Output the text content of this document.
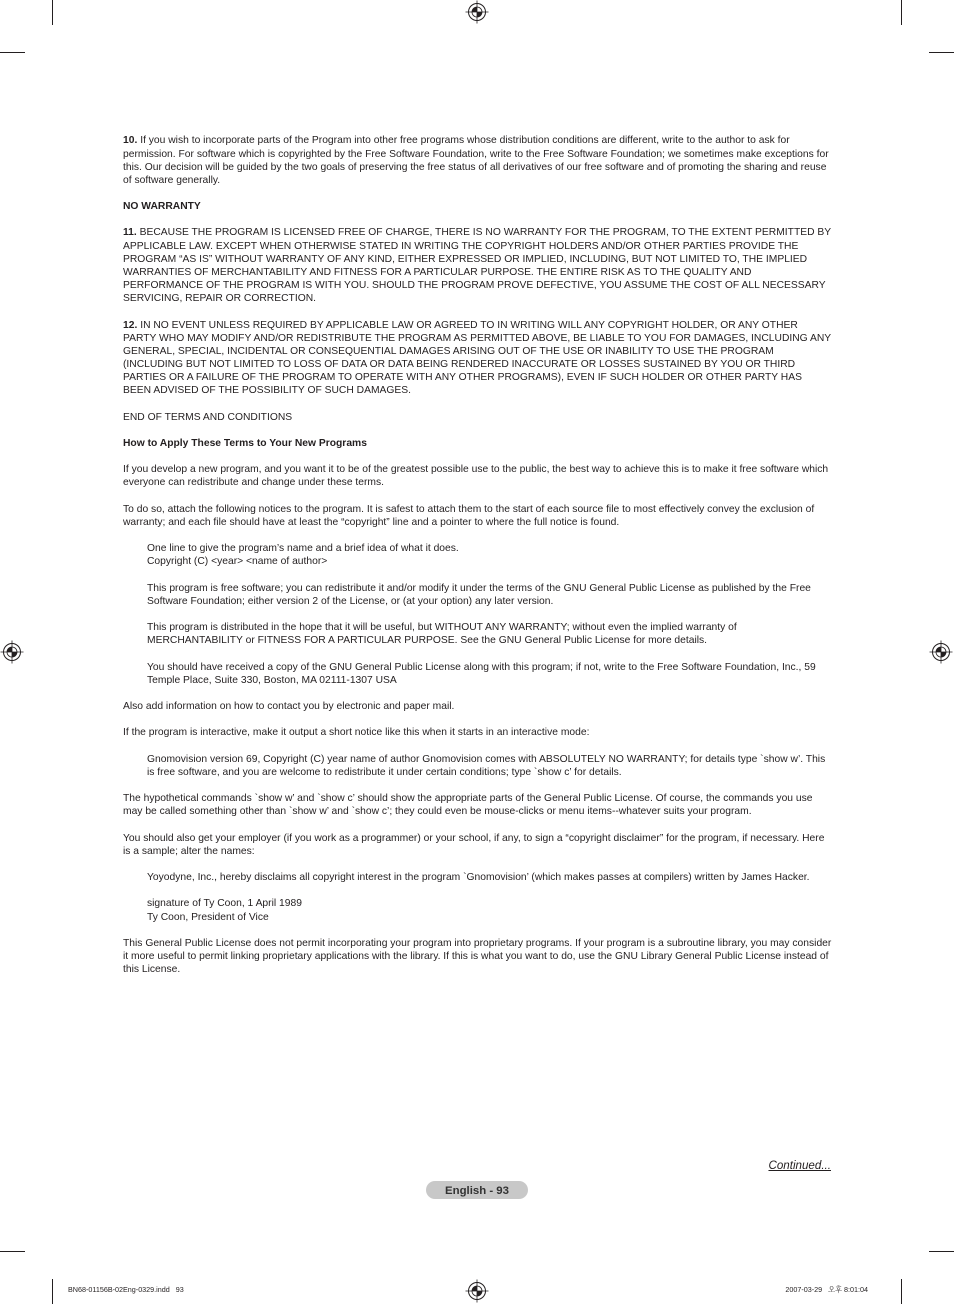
10. If you wish to incorporate parts of the Program into other free programs whose distribution conditions are different, write to the author to ask for permission. For software which is copyrighted by the Free Software Foundation, write to the Free Software Foundation; we sometimes make exceptions for this. Our decision will be guided by the two goals of preserving the free status of all derivatives of our free software and of promoting the sharing and reuse of software generally.
NO WARRANTY
11. BECAUSE THE PROGRAM IS LICENSED FREE OF CHARGE, THERE IS NO WARRANTY FOR THE PROGRAM, TO THE EXTENT PERMITTED BY APPLICABLE LAW. EXCEPT WHEN OTHERWISE STATED IN WRITING THE COPYRIGHT HOLDERS AND/OR OTHER PARTIES PROVIDE THE PROGRAM “AS IS” WITHOUT WARRANTY OF ANY KIND, EITHER EXPRESSED OR IMPLIED, INCLUDING, BUT NOT LIMITED TO, THE IMPLIED WARRANTIES OF MERCHANTABILITY AND FITNESS FOR A PARTICULAR PURPOSE. THE ENTIRE RISK AS TO THE QUALITY AND PERFORMANCE OF THE PROGRAM IS WITH YOU. SHOULD THE PROGRAM PROVE DEFECTIVE, YOU ASSUME THE COST OF ALL NECESSARY SERVICING, REPAIR OR CORRECTION.
12. IN NO EVENT UNLESS REQUIRED BY APPLICABLE LAW OR AGREED TO IN WRITING WILL ANY COPYRIGHT HOLDER, OR ANY OTHER PARTY WHO MAY MODIFY AND/OR REDISTRIBUTE THE PROGRAM AS PERMITTED ABOVE, BE LIABLE TO YOU FOR DAMAGES, INCLUDING ANY GENERAL, SPECIAL, INCIDENTAL OR CONSEQUENTIAL DAMAGES ARISING OUT OF THE USE OR INABILITY TO USE THE PROGRAM (INCLUDING BUT NOT LIMITED TO LOSS OF DATA OR DATA BEING RENDERED INACCURATE OR LOSSES SUSTAINED BY YOU OR THIRD PARTIES OR A FAILURE OF THE PROGRAM TO OPERATE WITH ANY OTHER PROGRAMS), EVEN IF SUCH HOLDER OR OTHER PARTY HAS BEEN ADVISED OF THE POSSIBILITY OF SUCH DAMAGES.
END OF TERMS AND CONDITIONS
How to Apply These Terms to Your New Programs
If you develop a new program, and you want it to be of the greatest possible use to the public, the best way to achieve this is to make it free software which everyone can redistribute and change under these terms.
To do so, attach the following notices to the program. It is safest to attach them to the start of each source file to most effectively convey the exclusion of warranty; and each file should have at least the “copyright” line and a pointer to where the full notice is found.
One line to give the program’s name and a brief idea of what it does.
Copyright (C) <year> <name of author>
This program is free software; you can redistribute it and/or modify it under the terms of the GNU General Public License as published by the Free Software Foundation; either version 2 of the License, or (at your option) any later version.
This program is distributed in the hope that it will be useful, but WITHOUT ANY WARRANTY; without even the implied warranty of MERCHANTABILITY or FITNESS FOR A PARTICULAR PURPOSE. See the GNU General Public License for more details.
You should have received a copy of the GNU General Public License along with this program; if not, write to the Free Software Foundation, Inc., 59 Temple Place, Suite 330, Boston, MA 02111-1307 USA
Also add information on how to contact you by electronic and paper mail.
If the program is interactive, make it output a short notice like this when it starts in an interactive mode:
Gnomovision version 69, Copyright (C) year name of author Gnomovision comes with ABSOLUTELY NO WARRANTY; for details type `show w’. This is free software, and you are welcome to redistribute it under certain conditions; type `show c’ for details.
The hypothetical commands `show w’ and `show c’ should show the appropriate parts of the General Public License. Of course, the commands you use may be called something other than `show w’ and `show c’; they could even be mouse-clicks or menu items--whatever suits your program.
You should also get your employer (if you work as a programmer) or your school, if any, to sign a “copyright disclaimer” for the program, if necessary. Here is a sample; alter the names:
Yoyodyne, Inc., hereby disclaims all copyright interest in the program `Gnomovision’ (which makes passes at compilers) written by James Hacker.
signature of Ty Coon, 1 April 1989
Ty Coon, President of Vice
This General Public License does not permit incorporating your program into proprietary programs. If your program is a subroutine library, you may consider it more useful to permit linking proprietary applications with the library. If this is what you want to do, use the GNU Library General Public License instead of this License.
Continued...
English - 93
BN68-01156B-02Eng-0329.indd   93	2007-03-29   오후 8:01:04
